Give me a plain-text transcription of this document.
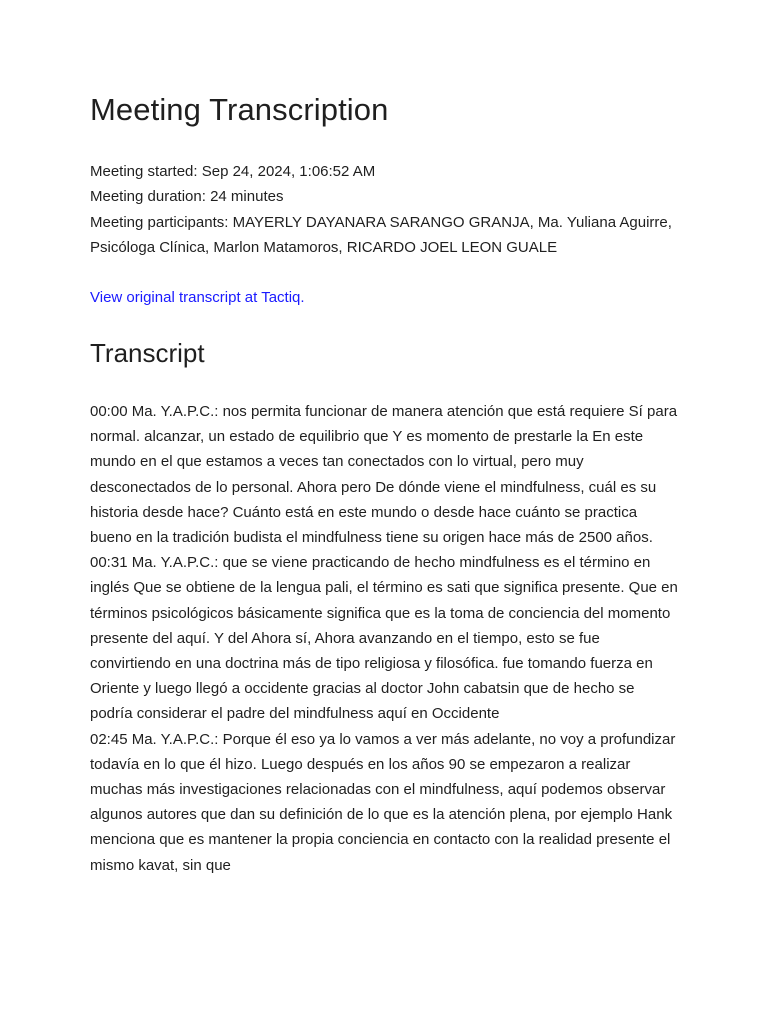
Meeting Transcription

Meeting started: Sep 24, 2024, 1:06:52 AM

Meeting duration: 24 minutes

Meeting participants: MAYERLY DAYANARA SARANGO GRANJA, Ma. Yuliana Aguirre, Psicóloga Clínica, Marlon Matamoros, RICARDO JOEL LEON GUALE

View original transcript at Tactiq.
Transcript

00:00 Ma. Y.A.P.C.: nos permita funcionar de manera atención que está requiere Sí para normal. alcanzar, un estado de equilibrio que Y es momento de prestarle la En este mundo en el que estamos a veces tan conectados con lo virtual, pero muy desconectados de lo personal. Ahora pero De dónde viene el mindfulness, cuál es su historia desde hace? Cuánto está en este mundo o desde hace cuánto se practica bueno en la tradición budista el mindfulness tiene su origen hace más de 2500 años.

00:31 Ma. Y.A.P.C.: que se viene practicando de hecho mindfulness es el término en inglés Que se obtiene de la lengua pali, el término es sati que significa presente. Que en términos psicológicos básicamente significa que es la toma de conciencia del momento presente del aquí. Y del Ahora sí, Ahora avanzando en el tiempo, esto se fue convirtiendo en una doctrina más de tipo religiosa y filosófica. fue tomando fuerza en Oriente y luego llegó a occidente gracias al doctor John cabatsin que de hecho se podría considerar el padre del mindfulness aquí en Occidente

02:45 Ma. Y.A.P.C.: Porque él eso ya lo vamos a ver más adelante, no voy a profundizar todavía en lo que él hizo. Luego después en los años 90 se empezaron a realizar muchas más investigaciones relacionadas con el mindfulness, aquí podemos observar algunos autores que dan su definición de lo que es la atención plena, por ejemplo Hank menciona que es mantener la propia conciencia en contacto con la realidad presente el mismo kavat, sin que
